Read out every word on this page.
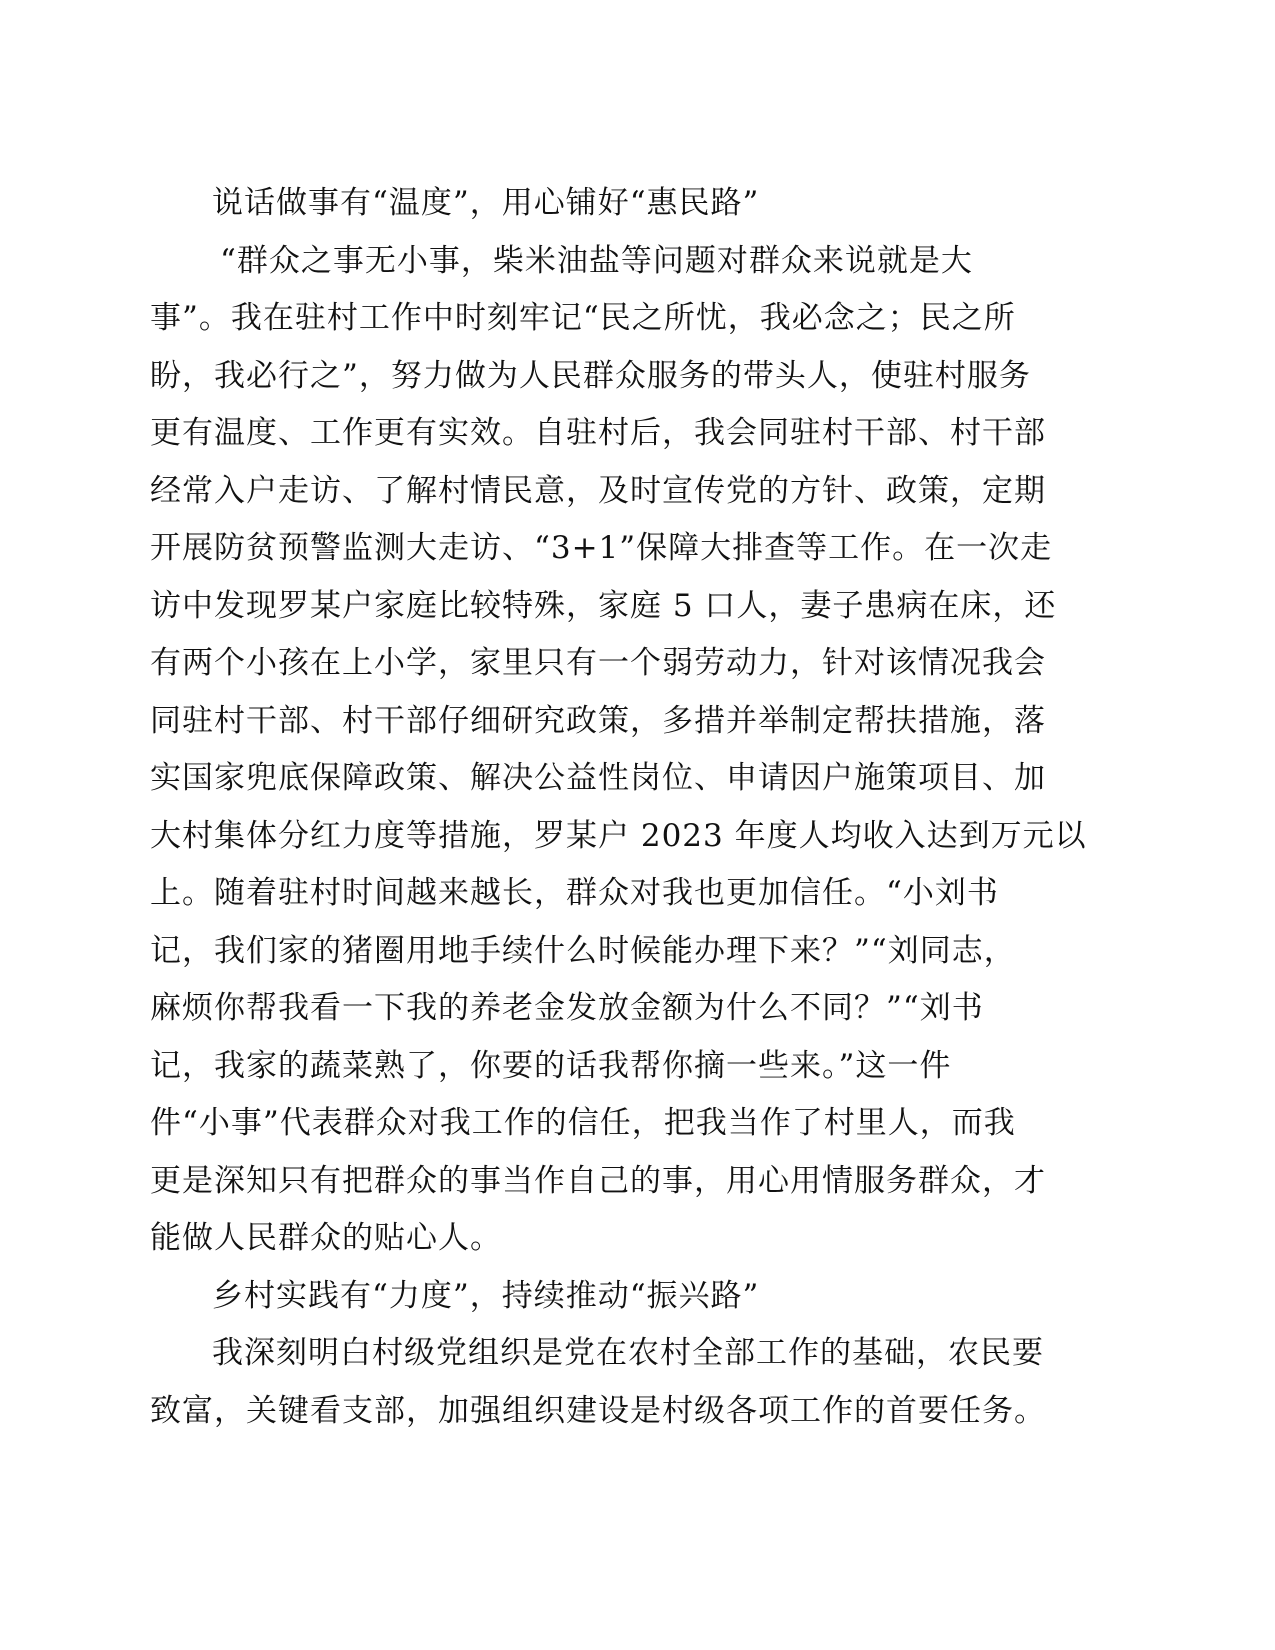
说话做事有“温度”，用心铺好“惠民路”
“群众之事无小事，柴米油盐等问题对群众来说就是大
事”。我在驻村工作中时刻牢记“民之所忧，我必念之；民之所
盼，我必行之”，努力做为人民群众服务的带头人，使驻村服务
更有温度、工作更有实效。自驻村后，我会同驻村干部、村干部
经常入户走访、了解村情民意，及时宣传党的方针、政策，定期
开展防贫预警监测大走访、“3+1”保障大排查等工作。在一次走
访中发现罗某户家庭比较特殊，家庭 5 口人，妻子患病在床，还
有两个小孩在上小学，家里只有一个弱劳动力，针对该情况我会
同驻村干部、村干部仔细研究政策，多措并举制定帮扶措施，落
实国家兜底保障政策、解决公益性岗位、申请因户施策项目、加
大村集体分红力度等措施，罗某户 2023 年度人均收入达到万元以
上。随着驻村时间越来越长，群众对我也更加信任。“小刘书
记，我们家的猪圈用地手续什么时候能办理下来？”“刘同志，
麻烦你帮我看一下我的养老金发放金额为什么不同？”“刘书
记，我家的蔬菜熟了，你要的话我帮你摘一些来。”这一件
件“小事”代表群众对我工作的信任，把我当作了村里人，而我
更是深知只有把群众的事当作自己的事，用心用情服务群众，才
能做人民群众的贴心人。
乡村实践有“力度”，持续推动“振兴路”
我深刻明白村级党组织是党在农村全部工作的基础，农民要
致富，关键看支部，加强组织建设是村级各项工作的首要任务。
